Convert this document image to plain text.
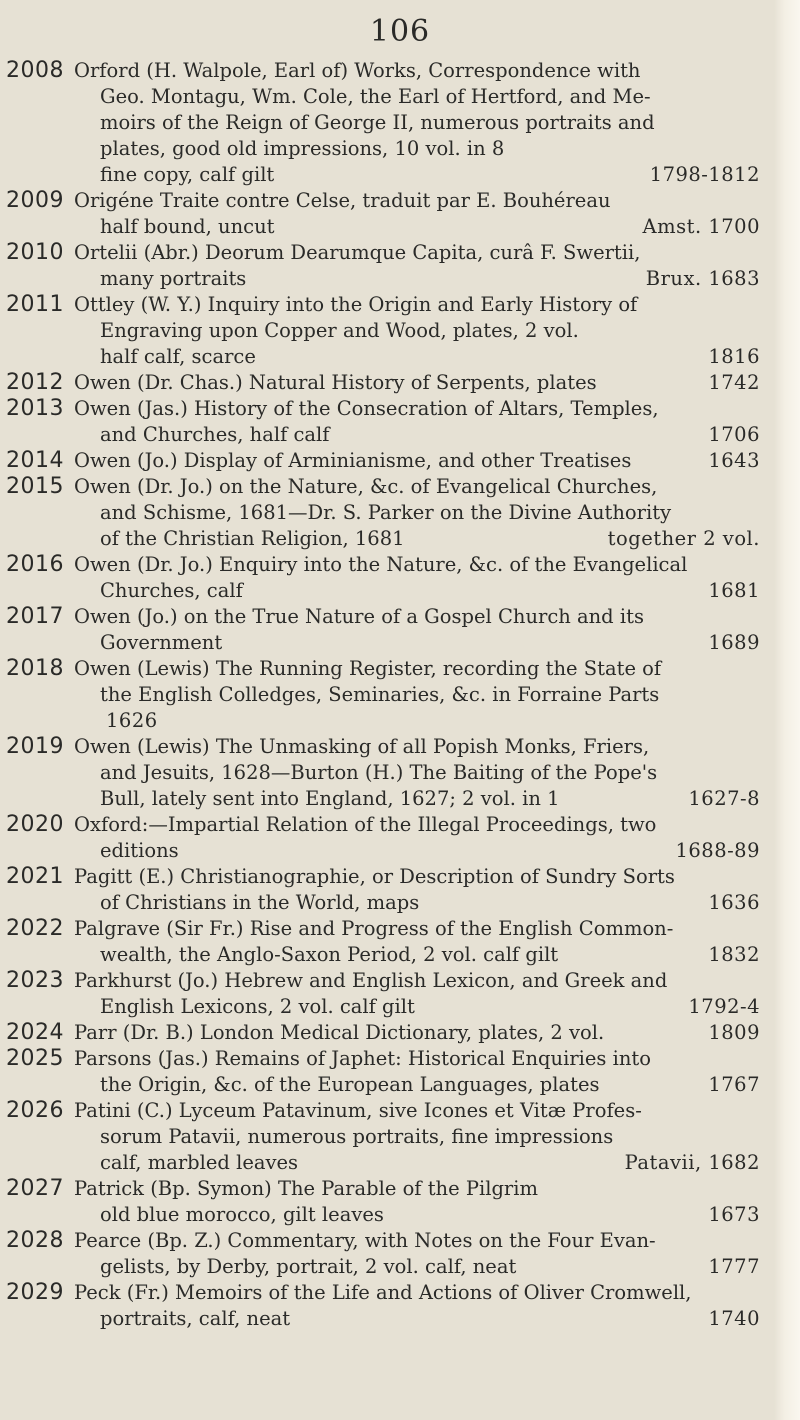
106
2008 Orford (H. Walpole, Earl of) Works, Correspondence with
Geo. Montagu, Wm. Cole, the Earl of Hertford, and Me-
moirs of the Reign of George II, numerous portraits and
plates, good old impressions, 10 vol. in 8
fine copy, calf gilt	1798-1812
2009 Origéne Traite contre Celse, traduit par E. Bouhéreau
half bound, uncut	Amst. 1700
2010 Ortelii (Abr.) Deorum Dearumque Capita, curâ F. Swertii,
many portraits	Brux. 1683
2011 Ottley (W. Y.) Inquiry into the Origin and Early History of
Engraving upon Copper and Wood, plates, 2 vol.
half calf, scarce	1816
2012 Owen (Dr. Chas.) Natural History of Serpents, plates	1742
2013 Owen (Jas.) History of the Consecration of Altars, Temples,
and Churches, half calf	1706
2014 Owen (Jo.) Display of Arminianisme, and other Treatises	1643
2015 Owen (Dr. Jo.) on the Nature, &c. of Evangelical Churches,
and Schisme, 1681—Dr. S. Parker on the Divine Authority
of the Christian Religion, 1681	together 2 vol.
2016 Owen (Dr. Jo.) Enquiry into the Nature, &c. of the Evangelical
Churches, calf	1681
2017 Owen (Jo.) on the True Nature of a Gospel Church and its
Government	1689
2018 Owen (Lewis) The Running Register, recording the State of
the English Colledges, Seminaries, &c. in Forraine Parts
1626
2019 Owen (Lewis) The Unmasking of all Popish Monks, Friers,
and Jesuits, 1628—Burton (H.) The Baiting of the Pope's
Bull, lately sent into England, 1627; 2 vol. in 1	1627-8
2020 Oxford:—Impartial Relation of the Illegal Proceedings, two
editions	1688-89
2021 Pagitt (E.) Christianographie, or Description of Sundry Sorts
of Christians in the World, maps	1636
2022 Palgrave (Sir Fr.) Rise and Progress of the English Common-
wealth, the Anglo-Saxon Period, 2 vol. calf gilt	1832
2023 Parkhurst (Jo.) Hebrew and English Lexicon, and Greek and
English Lexicons, 2 vol. calf gilt	1792-4
2024 Parr (Dr. B.) London Medical Dictionary, plates, 2 vol.	1809
2025 Parsons (Jas.) Remains of Japhet: Historical Enquiries into
the Origin, &c. of the European Languages, plates	1767
2026 Patini (C.) Lyceum Patavinum, sive Icones et Vitæ Profes-
sorum Patavii, numerous portraits, fine impressions
calf, marbled leaves	Patavii, 1682
2027 Patrick (Bp. Symon) The Parable of the Pilgrim
old blue morocco, gilt leaves	1673
2028 Pearce (Bp. Z.) Commentary, with Notes on the Four Evan-
gelists, by Derby, portrait, 2 vol. calf, neat	1777
2029 Peck (Fr.) Memoirs of the Life and Actions of Oliver Cromwell,
portraits, calf, neat	1740
